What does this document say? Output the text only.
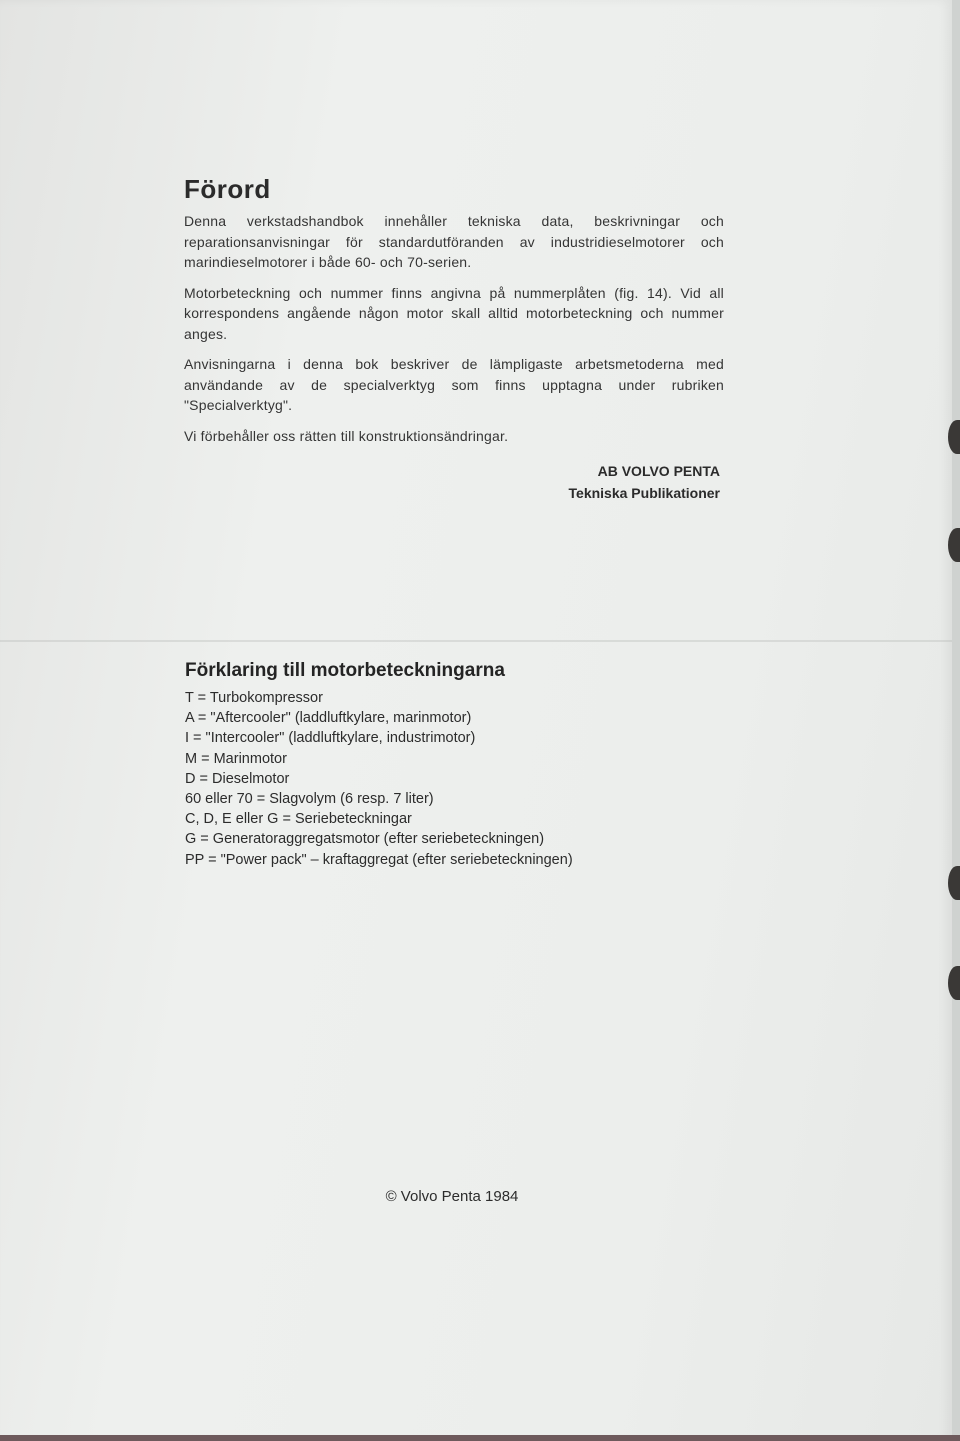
Förord

Denna verkstadshandbok innehåller tekniska data, beskrivningar och reparationsanvisningar för standardutföranden av industridieselmotorer och marindieselmotorer i både 60- och 70-serien.

Motorbeteckning och nummer finns angivna på nummerplåten (fig. 14). Vid all korrespondens angående någon motor skall alltid motorbeteckning och nummer anges.

Anvisningarna i denna bok beskriver de lämpligaste arbetsmetoderna med användande av de specialverktyg som finns upptagna under rubriken "Specialverktyg".

Vi förbehåller oss rätten till konstruktionsändringar.

AB VOLVO PENTA
Tekniska Publikationer
Förklaring till motorbeteckningarna
T = Turbokompressor
A = "Aftercooler" (laddluftkylare, marinmotor)
I = "Intercooler" (laddluftkylare, industrimotor)
M = Marinmotor
D = Dieselmotor
60 eller 70 = Slagvolym (6 resp. 7 liter)
C, D, E eller G = Seriebeteckningar
G = Generatoraggregatsmotor (efter seriebeteckningen)
PP = "Power pack" – kraftaggregat (efter seriebeteckningen)
© Volvo Penta 1984
